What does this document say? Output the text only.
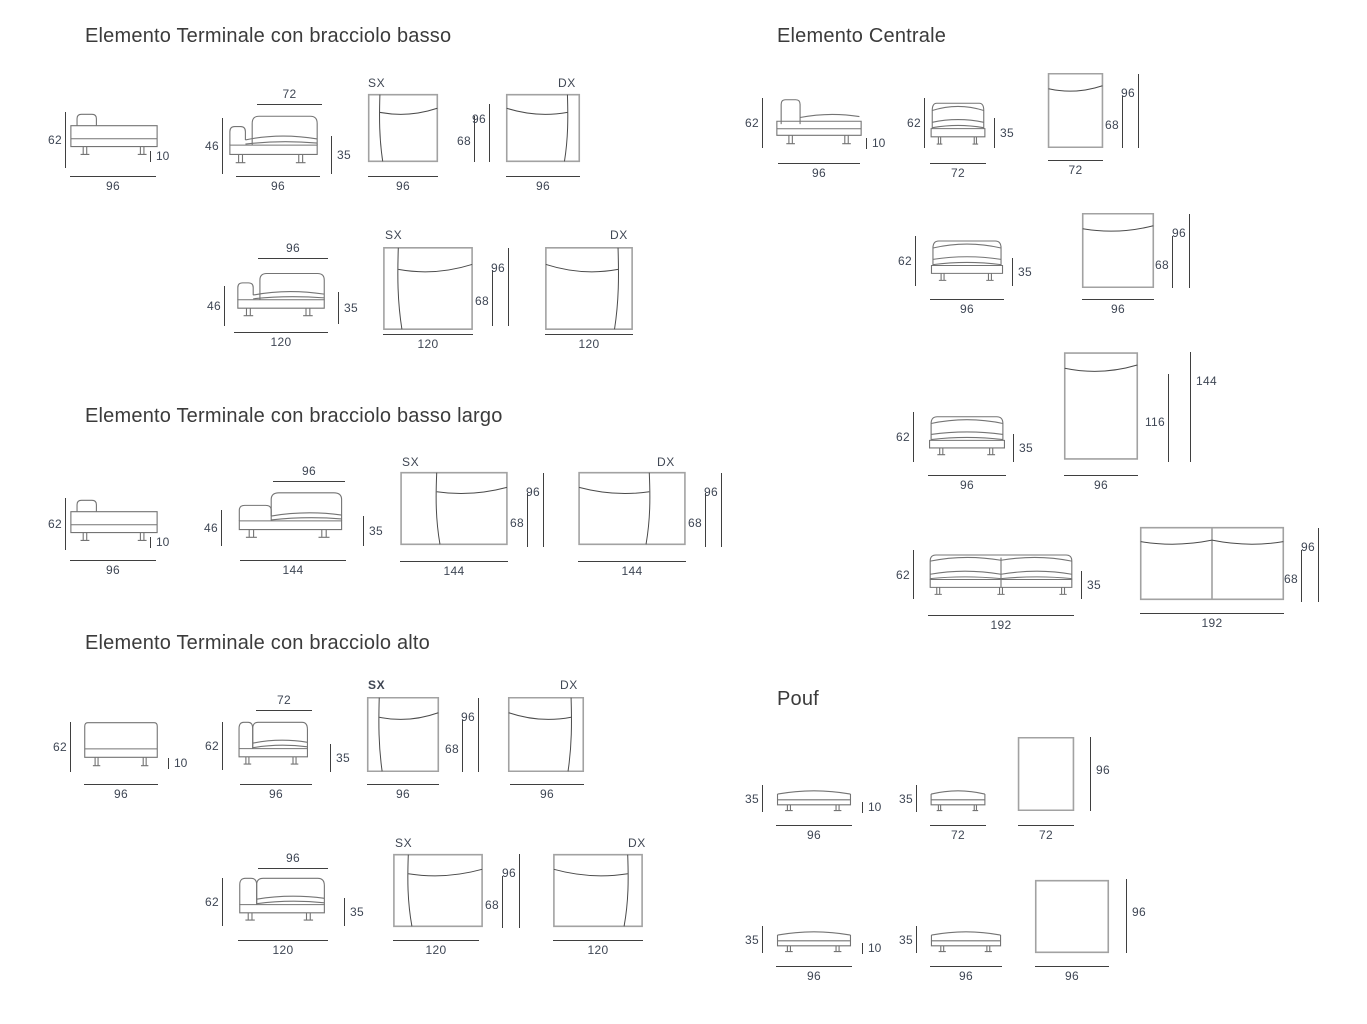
Elemento Terminale con bracciolo basso
62
96
10
72
46
35
96
SX
96
68
96
DX
96
96
46	35
120
SX
120
68
96
DX
120
Elemento Terminale con bracciolo basso largo
62
96
10
96
46	35
144
SX
144
68
96
DX
144
68
96
Elemento Terminale con bracciolo alto
62
96
10
72
62
35
96
SX
96
68
96
DX
96
96
62
35
120
SX
120
68
96
DX
120
Elemento Centrale
62
96
10
62
35
72	72
68
96
62
35
96	96
68
96
62
35
96	96
116
144
62
35
192	192
68
96
Pouf
35
10
96
35
72
96
72
35
10
96
35
96
96
96
